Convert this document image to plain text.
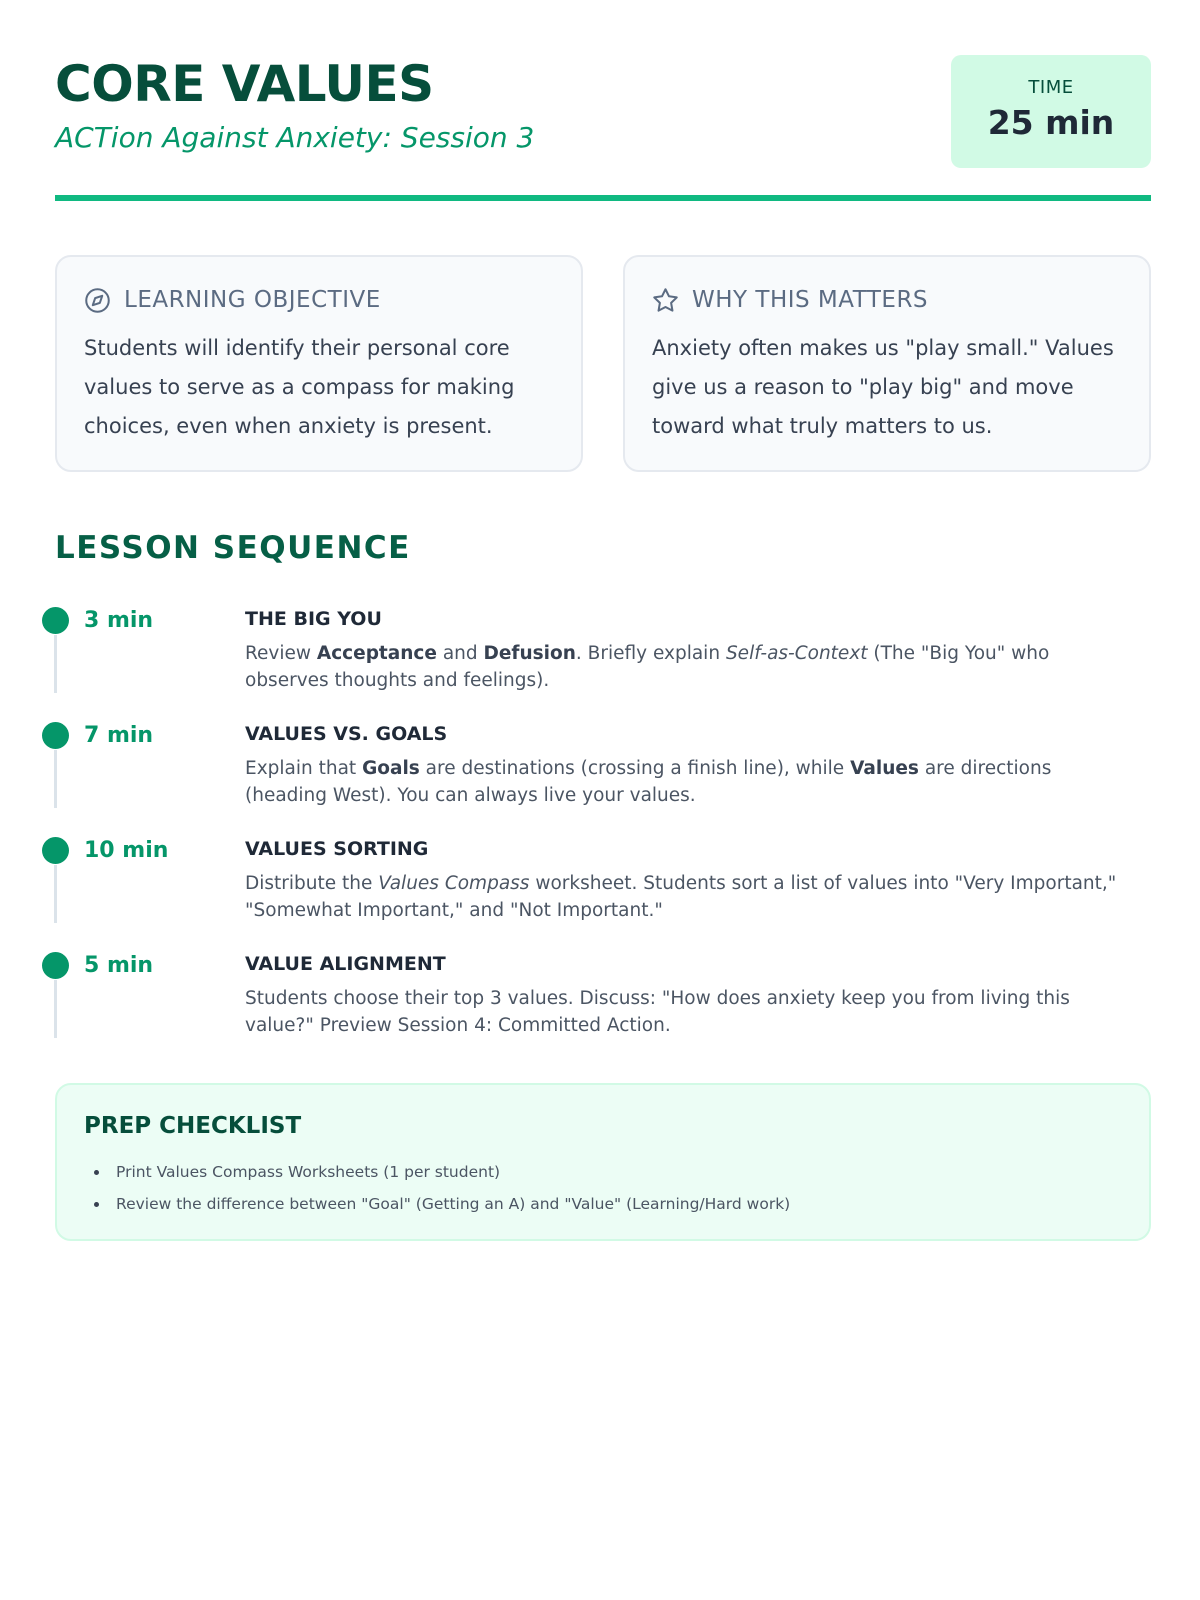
CORE VALUES
ACTion Against Anxiety: Session 3
TIME
25 min
LEARNING OBJECTIVE
Students will identify their personal core values to serve as a compass for making choices, even when anxiety is present.
WHY THIS MATTERS
Anxiety often makes us "play small." Values give us a reason to "play big" and move toward what truly matters to us.
LESSON SEQUENCE
3 min	THE BIG YOU
Review Acceptance and Defusion. Briefly explain Self-as-Context (The "Big You" who observes thoughts and feelings).
7 min	VALUES VS. GOALS
Explain that Goals are destinations (crossing a finish line), while Values are directions (heading West). You can always live your values.
10 min	VALUES SORTING
Distribute the Values Compass worksheet. Students sort a list of values into "Very Important," "Somewhat Important," and "Not Important."
5 min	VALUE ALIGNMENT
Students choose their top 3 values. Discuss: "How does anxiety keep you from living this value?" Preview Session 4: Committed Action.
PREP CHECKLIST
Print Values Compass Worksheets (1 per student)
Review the difference between "Goal" (Getting an A) and "Value" (Learning/Hard work)
